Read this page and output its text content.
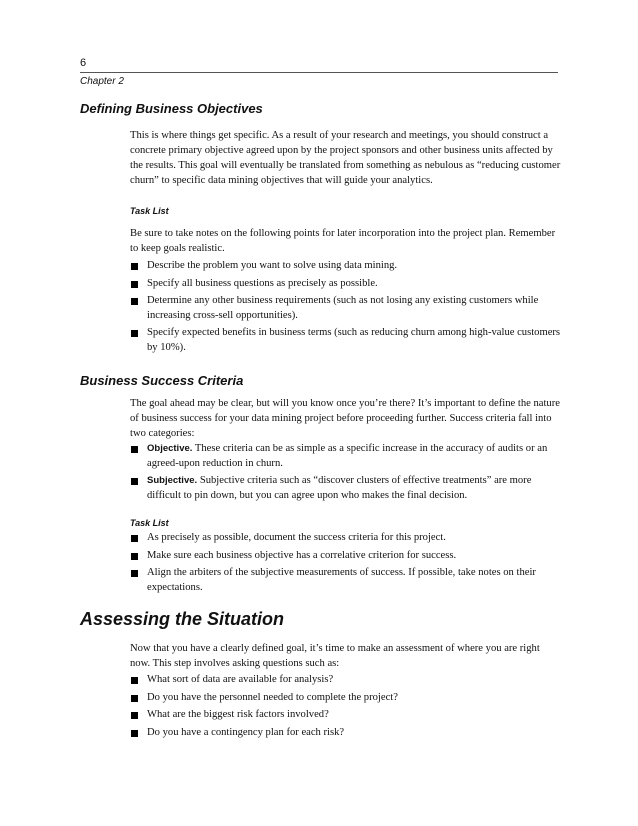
6
Chapter 2
Defining Business Objectives

This is where things get specific. As a result of your research and meetings, you should construct a concrete primary objective agreed upon by the project sponsors and other business units affected by the results. This goal will eventually be translated from something as nebulous as “reducing customer churn” to specific data mining objectives that will guide your analytics.

Task List

Be sure to take notes on the following points for later incorporation into the project plan. Remember to keep goals realistic.

Describe the problem you want to solve using data mining.
Specify all business questions as precisely as possible.
Determine any other business requirements (such as not losing any existing customers while increasing cross-sell opportunities).
Specify expected benefits in business terms (such as reducing churn among high-value customers by 10%).
Business Success Criteria

The goal ahead may be clear, but will you know once you’re there? It’s important to define the nature of business success for your data mining project before proceeding further. Success criteria fall into two categories:

Objective. These criteria can be as simple as a specific increase in the accuracy of audits or an agreed-upon reduction in churn.
Subjective. Subjective criteria such as “discover clusters of effective treatments” are more difficult to pin down, but you can agree upon who makes the final decision.
Task List
As precisely as possible, document the success criteria for this project.
Make sure each business objective has a correlative criterion for success.
Align the arbiters of the subjective measurements of success. If possible, take notes on their expectations.
Assessing the Situation

Now that you have a clearly defined goal, it’s time to make an assessment of where you are right now. This step involves asking questions such as:

What sort of data are available for analysis?
Do you have the personnel needed to complete the project?
What are the biggest risk factors involved?
Do you have a contingency plan for each risk?
